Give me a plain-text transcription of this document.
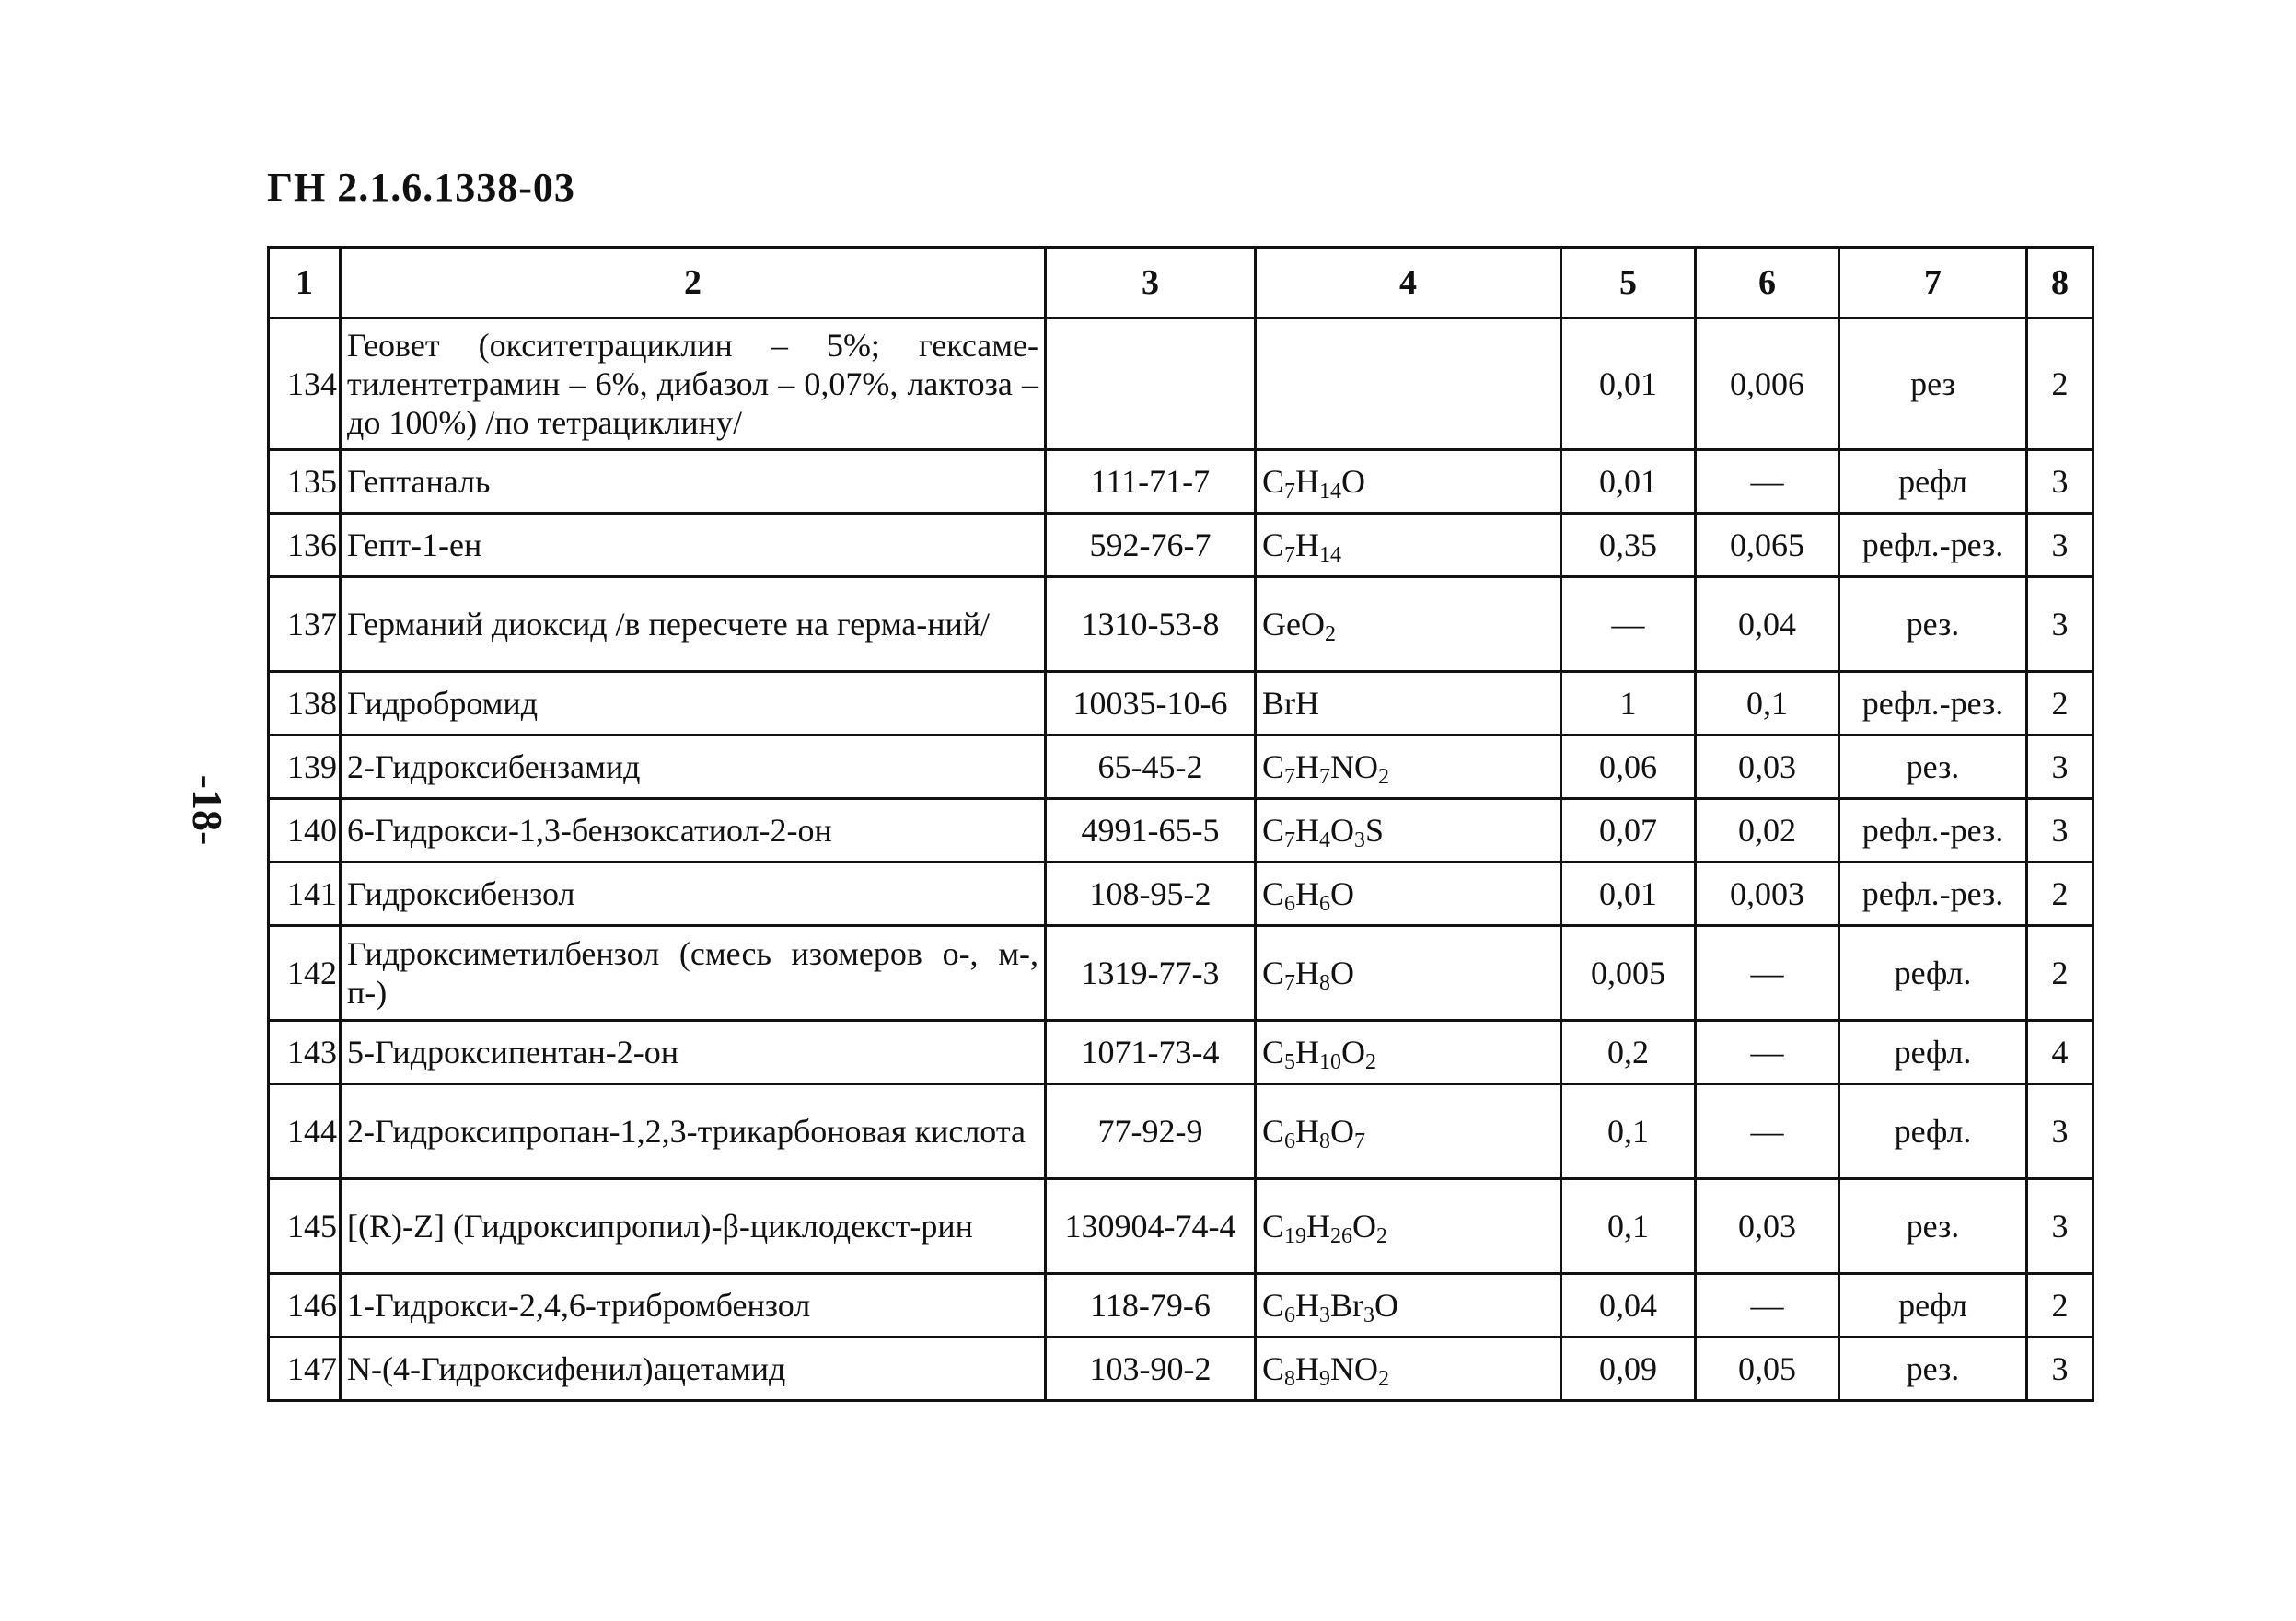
ГН 2.1.6.1338-03
-18-
1	2	3	4	5	6	7	8
134	Геовет (окситетрациклин – 5%; гексаме-тилентетрамин – 6%, дибазол – 0,07%, лактоза – до 100%) /по тетрациклину/			0,01	0,006	рез	2
135	Гептаналь	111-71-7	$C_7H_{14}O$	0,01	—	рефл	3
136	Гепт-1-ен	592-76-7	$C_7H_{14}$	0,35	0,065	рефл.-рез.	3
137	Германий диоксид /в пересчете на герма-ний/	1310-53-8	GeO$_2$	—	0,04	рез.	3
138	Гидробромид	10035-10-6	BrH	1	0,1	рефл.-рез.	2
139	2-Гидроксибензамид	65-45-2	$C_7H_7NO_2$	0,06	0,03	рез.	3
140	6-Гидрокси-1,3-бензоксатиол-2-он	4991-65-5	$C_7H_4O_3S$	0,07	0,02	рефл.-рез.	3
141	Гидроксибензол	108-95-2	$C_6H_6O$	0,01	0,003	рефл.-рез.	2
142	Гидроксиметилбензол (смесь изомеров о-, м-, п-)	1319-77-3	$C_7H_8O$	0,005	—	рефл.	2
143	5-Гидроксипентан-2-он	1071-73-4	$C_5H_{10}O_2$	0,2	—	рефл.	4
144	2-Гидроксипропан-1,2,3-трикарбоновая кислота	77-92-9	$C_6H_8O_7$	0,1	—	рефл.	3
145	[(R)-Z] (Гидроксипропил)-β-циклодекст-рин	130904-74-4	$C_{19}H_{26}O_2$	0,1	0,03	рез.	3
146	1-Гидрокси-2,4,6-трибромбензол	118-79-6	$C_6H_3Br_3O$	0,04	—	рефл	2
147	N-(4-Гидроксифенил)ацетамид	103-90-2	$C_8H_9NO_2$	0,09	0,05	рез.	3
